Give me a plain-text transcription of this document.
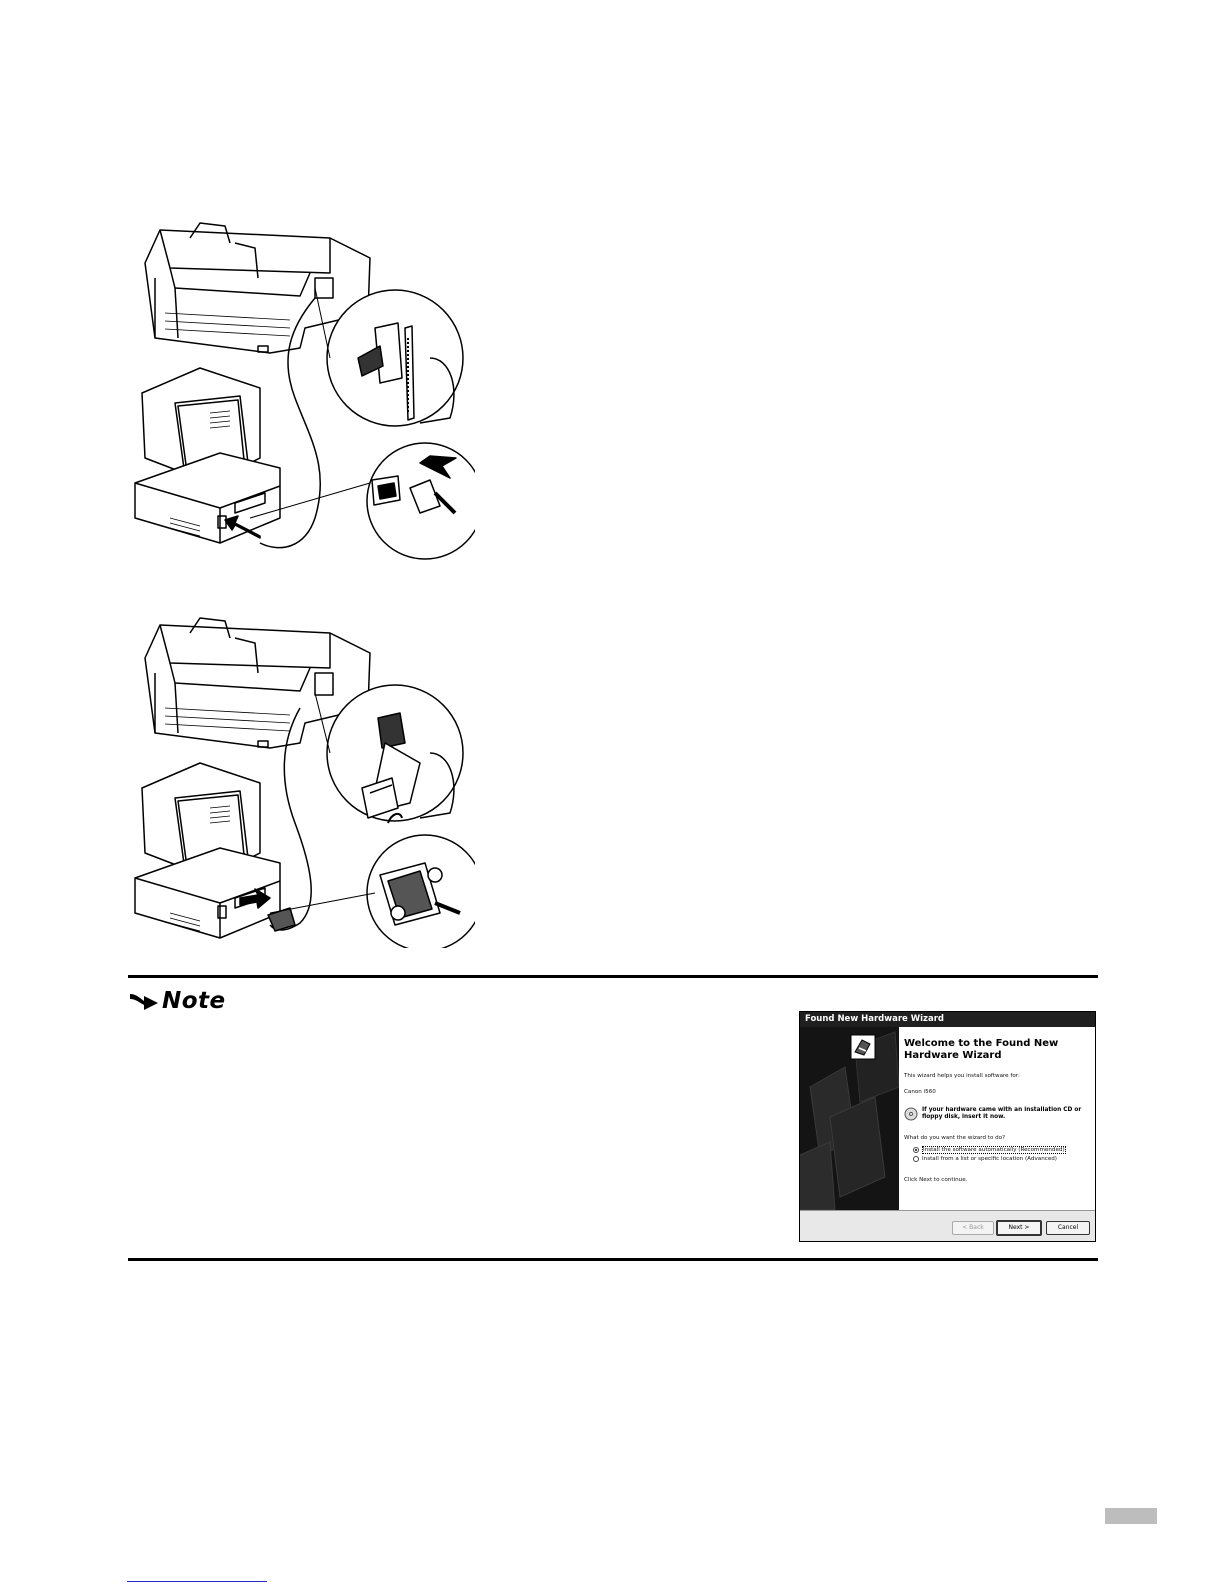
Note
Found New Hardware Wizard
Welcome to the Found New Hardware Wizard
This wizard helps you install software for:
Canon i560
If your hardware came with an installation CD or floppy disk, insert it now.
What do you want the wizard to do?
Install the software automatically (Recommended)
Install from a list or specific location (Advanced)
Click Next to continue.
< Back	Next >	Cancel
